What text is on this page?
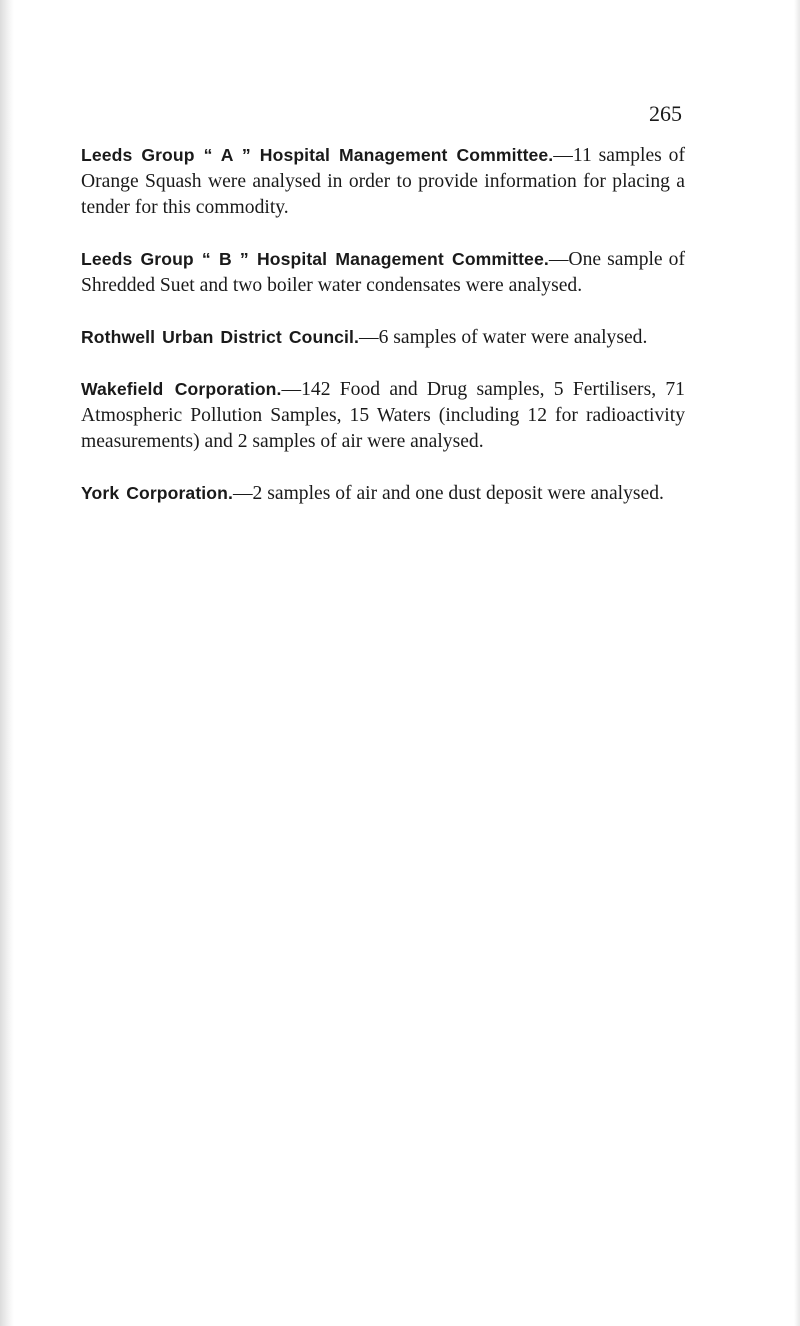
265

Leeds Group “ A ” Hospital Management Committee.—11 samples of Orange Squash were analysed in order to provide information for placing a tender for this commodity.

Leeds Group “ B ” Hospital Management Committee.—One sample of Shredded Suet and two boiler water condensates were analysed.

Rothwell Urban District Council.—6 samples of water were analysed.

Wakefield Corporation.—142 Food and Drug samples, 5 Fertilisers, 71 Atmospheric Pollution Samples, 15 Waters (including 12 for radioactivity measurements) and 2 samples of air were analysed.

York Corporation.—2 samples of air and one dust deposit were analysed.
